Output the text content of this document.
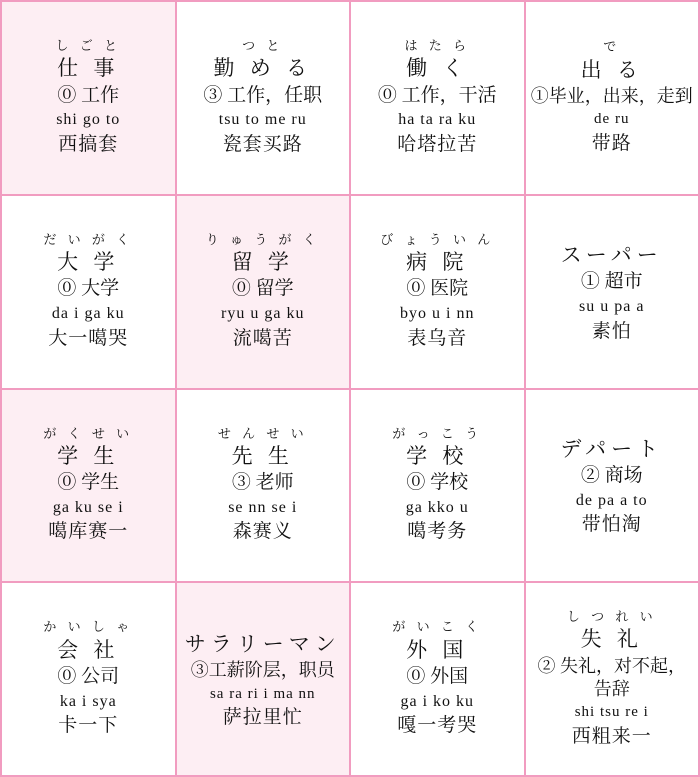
し ご と
仕 事
⓪ 工作
shi go to
西搞套
つ と
勤 め る
③ 工作，任职
tsu to me ru
瓷套买路
は た ら
働 く
⓪ 工作，干活
ha ta ra ku
哈塔拉苦
で
出 る
①毕业，出来，走到
de ru
带路
だ い が く
大 学
⓪ 大学
da i ga ku
大一噶哭
り ゅ う が く
留 学
⓪ 留学
ryu u ga ku
流噶苦
び ょ う い ん
病 院
⓪ 医院
byo u i nn
表乌音
スーパー
① 超市
su u pa a
素怕
が く せ い
学 生
⓪ 学生
ga ku se i
噶库赛一
せ ん せ い
先 生
③ 老师
se nn se i
森赛义
が っ こ う
学 校
⓪ 学校
ga kko u
噶考务
デパート
② 商场
de pa a to
带怕淘
か い し ゃ
会 社
⓪ 公司
ka i sya
卡一下
サラリーマン
③工薪阶层，职员
sa ra ri i ma nn
萨拉里忙
が い こ く
外 国
⓪ 外国
ga i ko ku
嘎一考哭
し つ れ い
失 礼
② 失礼，对不起，告辞
shi tsu re i
西粗来一
